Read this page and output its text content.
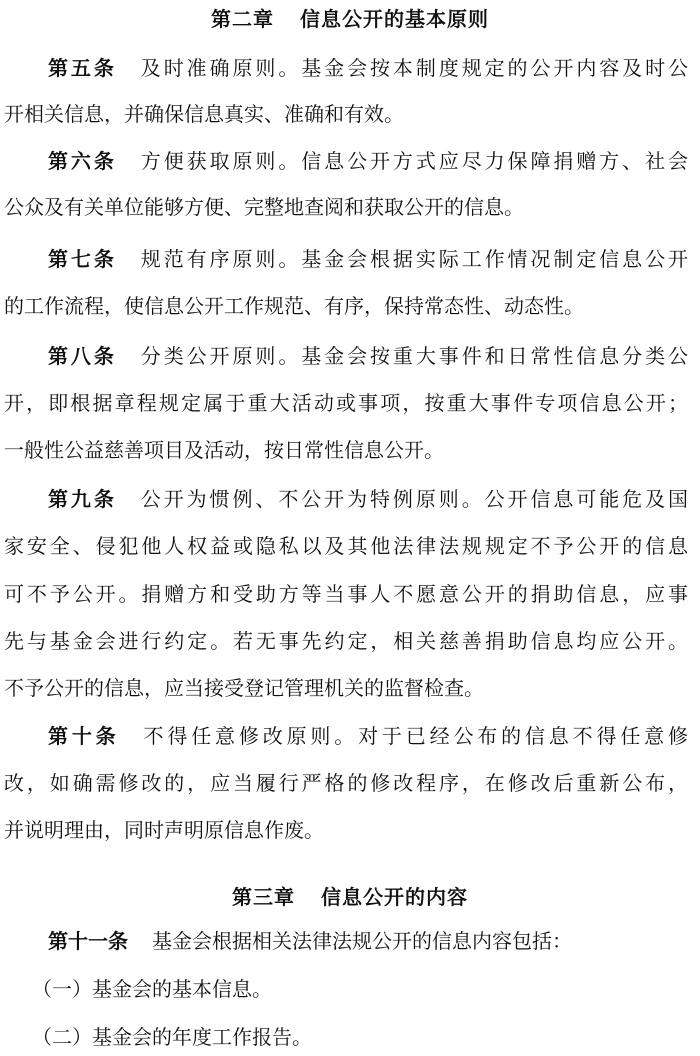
第二章 信息公开的基本原则
第五条 及时准确原则。基金会按本制度规定的公开内容及时公
开相关信息，并确保信息真实、准确和有效。
第六条 方便获取原则。信息公开方式应尽力保障捐赠方、社会
公众及有关单位能够方便、完整地查阅和获取公开的信息。
第七条 规范有序原则。基金会根据实际工作情况制定信息公开
的工作流程，使信息公开工作规范、有序，保持常态性、动态性。
第八条 分类公开原则。基金会按重大事件和日常性信息分类公
开，即根据章程规定属于重大活动或事项，按重大事件专项信息公开；
一般性公益慈善项目及活动，按日常性信息公开。
第九条 公开为惯例、不公开为特例原则。公开信息可能危及国
家安全、侵犯他人权益或隐私以及其他法律法规规定不予公开的信息
可不予公开。捐赠方和受助方等当事人不愿意公开的捐助信息，应事
先与基金会进行约定。若无事先约定，相关慈善捐助信息均应公开。
不予公开的信息，应当接受登记管理机关的监督检查。
第十条 不得任意修改原则。对于已经公布的信息不得任意修
改，如确需修改的，应当履行严格的修改程序，在修改后重新公布，
并说明理由，同时声明原信息作废。
第三章 信息公开的内容
第十一条 基金会根据相关法律法规公开的信息内容包括：
（一）基金会的基本信息。
（二）基金会的年度工作报告。
